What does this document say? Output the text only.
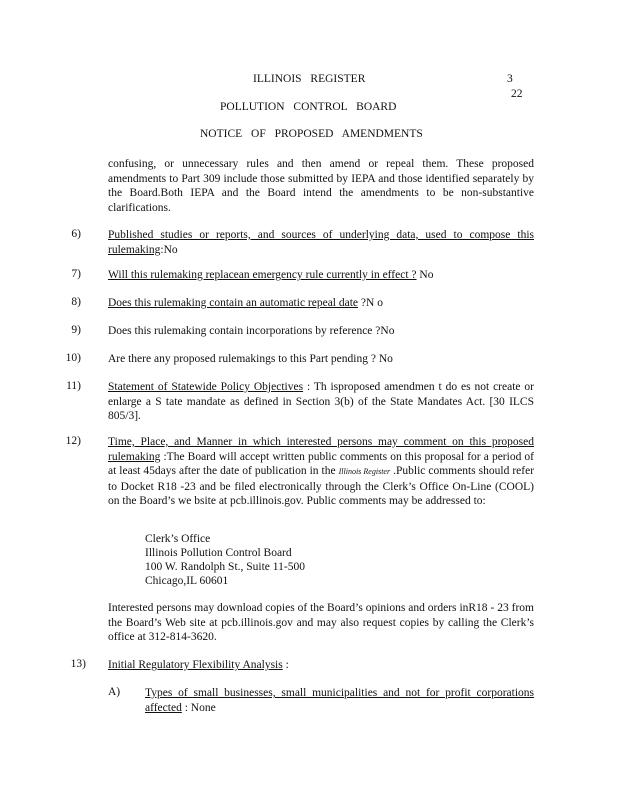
ILLINOIS REGISTER	3
22
POLLUTION CONTROL BOARD
NOTICE OF PROPOSED AMENDMENTS
confusing, or unnecessary rules and then amend or repeal them. These proposed amendments to Part 309 include those submitted by IEPA and those identified separately by the Board.Both IEPA and the Board intend the amendments to be non-substantive clarifications.
6) Published studies or reports, and sources of underlying data, used to compose this rulemaking:No
7) Will this rulemaking replacean emergency rule currently in effect ? No
8) Does this rulemaking contain an automatic repeal date ?N o
9) Does this rulemaking contain incorporations by reference ?No
10) Are there any proposed rulemakings to this Part pending ? No
11) Statement of Statewide Policy Objectives : Th isproposed amendmen t do es not create or enlarge a S tate mandate as defined in Section 3(b) of the State Mandates Act. [30 ILCS 805/3].
12) Time, Place, and Manner in which interested persons may comment on this proposed rulemaking :The Board will accept written public comments on this proposal for a period of at least 45days after the date of publication in the Illinois Register .Public comments should refer to Docket R18 -23 and be filed electronically through the Clerk’s Office On-Line (COOL) on the Board’s we bsite at pcb.illinois.gov. Public comments may be addressed to:
Clerk’s Office
Illinois Pollution Control Board
100 W. Randolph St., Suite 11-500
Chicago,IL 60601
Interested persons may download copies of the Board’s opinions and orders inR18 - 23 from the Board’s Web site at pcb.illinois.gov and may also request copies by calling the Clerk’s office at 312-814-3620.
13) Initial Regulatory Flexibility Analysis :
A) Types of small businesses, small municipalities and not for profit corporations affected : None
